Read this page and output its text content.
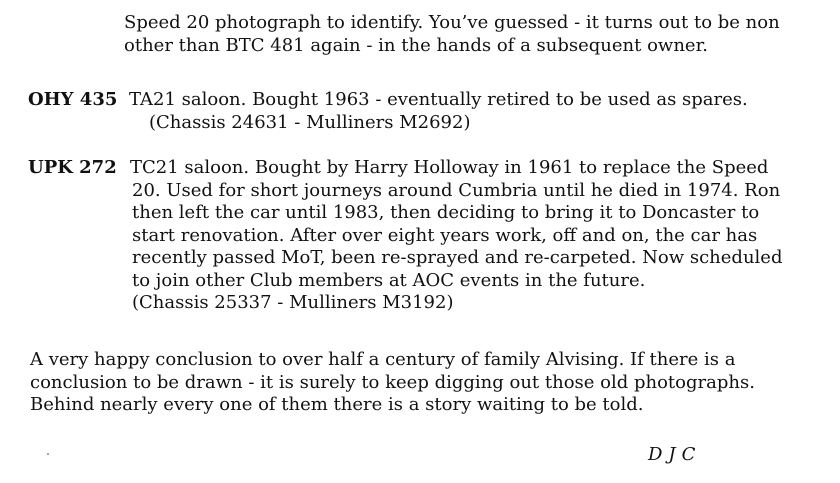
Speed 20 photograph to identify. You’ve guessed - it turns out to be non
other than BTC 481 again - in the hands of a subsequent owner.
OHY 435 TA21 saloon. Bought 1963 - eventually retired to be used as spares.
(Chassis 24631 - Mulliners M2692)
UPK 272 TC21 saloon. Bought by Harry Holloway in 1961 to replace the Speed
20. Used for short journeys around Cumbria until he died in 1974. Ron
then left the car until 1983, then deciding to bring it to Doncaster to
start renovation. After over eight years work, off and on, the car has
recently passed MoT, been re-sprayed and re-carpeted. Now scheduled
to join other Club members at AOC events in the future.
(Chassis 25337 - Mulliners M3192)
A very happy conclusion to over half a century of family Alvising. If there is a
conclusion to be drawn - it is surely to keep digging out those old photographs.
Behind nearly every one of them there is a story waiting to be told.
DJC
